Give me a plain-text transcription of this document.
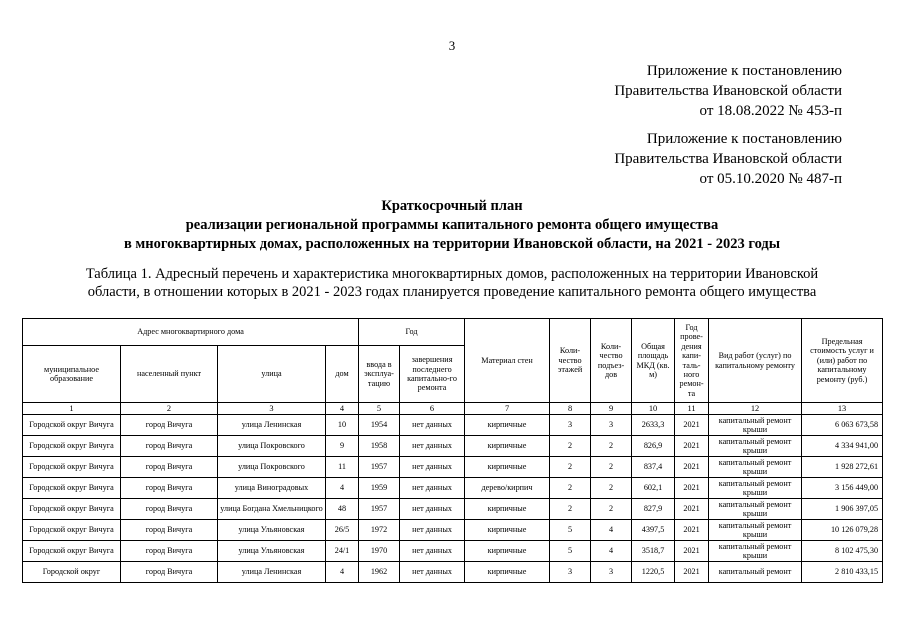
3
Приложение к постановлению
Правительства Ивановской области
от 18.08.2022 № 453-п
Приложение к постановлению
Правительства Ивановской области
от 05.10.2020 № 487-п
Краткосрочный план
реализации региональной программы капитального ремонта общего имущества
в многоквартирных домах, расположенных на территории Ивановской области, на 2021 - 2023 годы
Таблица 1. Адресный перечень и характеристика многоквартирных домов, расположенных на территории Ивановской
области, в отношении которых в 2021 - 2023 годах планируется проведение капитального ремонта общего имущества
Адрес многоквартирного дома				Год		Материал стен	Коли-чество этажей	Коли-чество подъез-дов	Общая площадь МКД (кв. м)	Год прове-дения капи-таль-ного ремон-та	Вид работ (услуг) по капитальному ремонту	Предельная стоимость услуг и (или) работ по капитальному ремонту (руб.)
муниципальное образование	населенный пункт	улица	дом	ввода в эксплуа-тацию	завершения последнего капитально-го ремонта							
1	2	3	4	5	6	7	8	9	10	11	12	13
Городской округ Вичуга	город Вичуга	улица Ленинская	10	1954	нет данных	кирпичные	3	3	2633,3	2021	капитальный ремонт крыши	6 063 673,58
Городской округ Вичуга	город Вичуга	улица Покровского	9	1958	нет данных	кирпичные	2	2	826,9	2021	капитальный ремонт крыши	4 334 941,00
Городской округ Вичуга	город Вичуга	улица Покровского	11	1957	нет данных	кирпичные	2	2	837,4	2021	капитальный ремонт крыши	1 928 272,61
Городской округ Вичуга	город Вичуга	улица Виноградовых	4	1959	нет данных	дерево/кирпич	2	2	602,1	2021	капитальный ремонт крыши	3 156 449,00
Городской округ Вичуга	город Вичуга	улица Богдана Хмельницкого	48	1957	нет данных	кирпичные	2	2	827,9	2021	капитальный ремонт крыши	1 906 397,05
Городской округ Вичуга	город Вичуга	улица Ульяновская	26/5	1972	нет данных	кирпичные	5	4	4397,5	2021	капитальный ремонт крыши	10 126 079,28
Городской округ Вичуга	город Вичуга	улица Ульяновская	24/1	1970	нет данных	кирпичные	5	4	3518,7	2021	капитальный ремонт крыши	8 102 475,30
Городской округ	город Вичуга	улица Ленинская	4	1962	нет данных	кирпичные	3	3	1220,5	2021	капитальный ремонт	2 810 433,15
